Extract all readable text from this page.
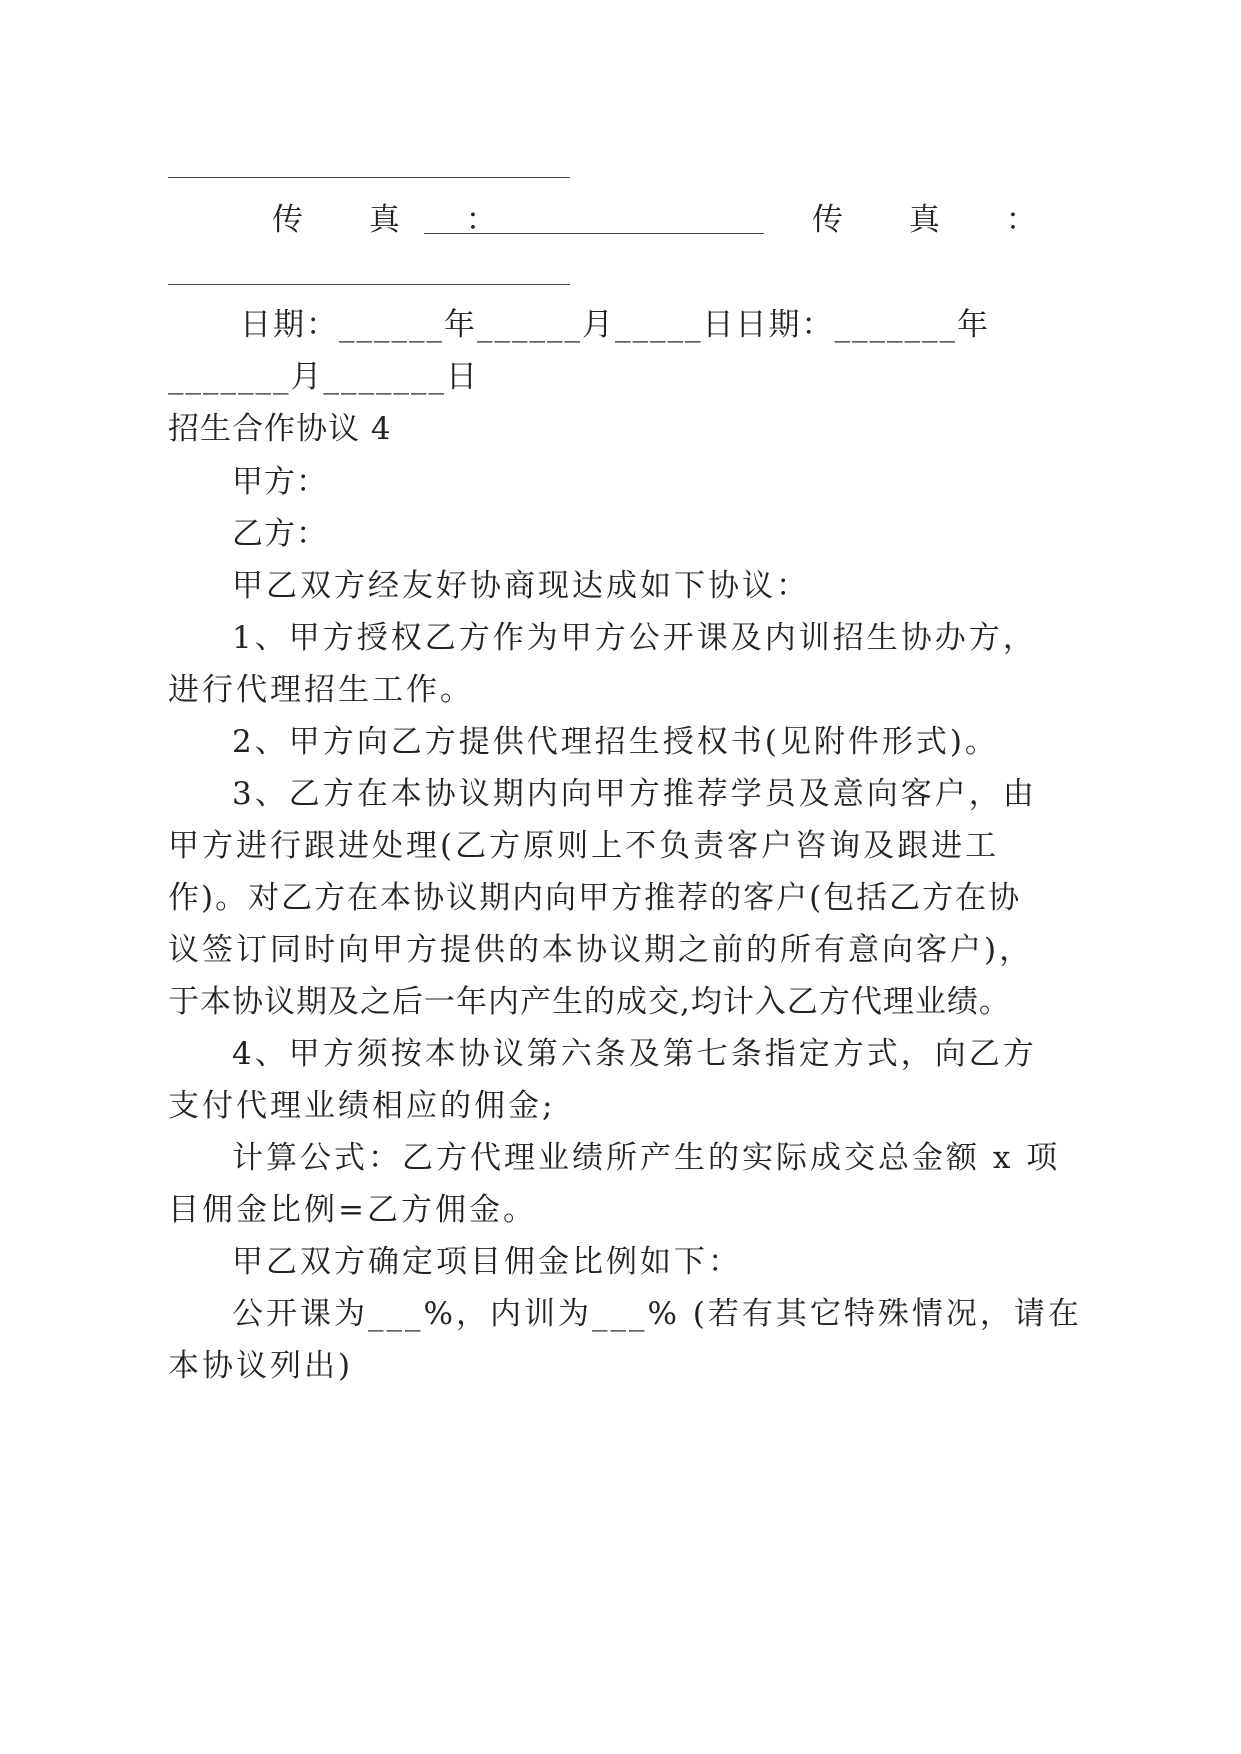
传 真 ：	传 真 ：
日期：______年______月_____日日期：_______年
_______月_______日
招生合作协议 4
甲方：
乙方：
甲乙双方经友好协商现达成如下协议：
1、甲方授权乙方作为甲方公开课及内训招生协办方，
进行代理招生工作。
2、甲方向乙方提供代理招生授权书(见附件形式)。
3、乙方在本协议期内向甲方推荐学员及意向客户，由
甲方进行跟进处理(乙方原则上不负责客户咨询及跟进工
作)。对乙方在本协议期内向甲方推荐的客户(包括乙方在协
议签订同时向甲方提供的本协议期之前的所有意向客户)，
于本协议期及之后一年内产生的成交,均计入乙方代理业绩。
4、甲方须按本协议第六条及第七条指定方式，向乙方
支付代理业绩相应的佣金;
计算公式：乙方代理业绩所产生的实际成交总金额 x 项
目佣金比例=乙方佣金。
甲乙双方确定项目佣金比例如下：
公开课为___%，内训为___% (若有其它特殊情况，请在
本协议列出)
